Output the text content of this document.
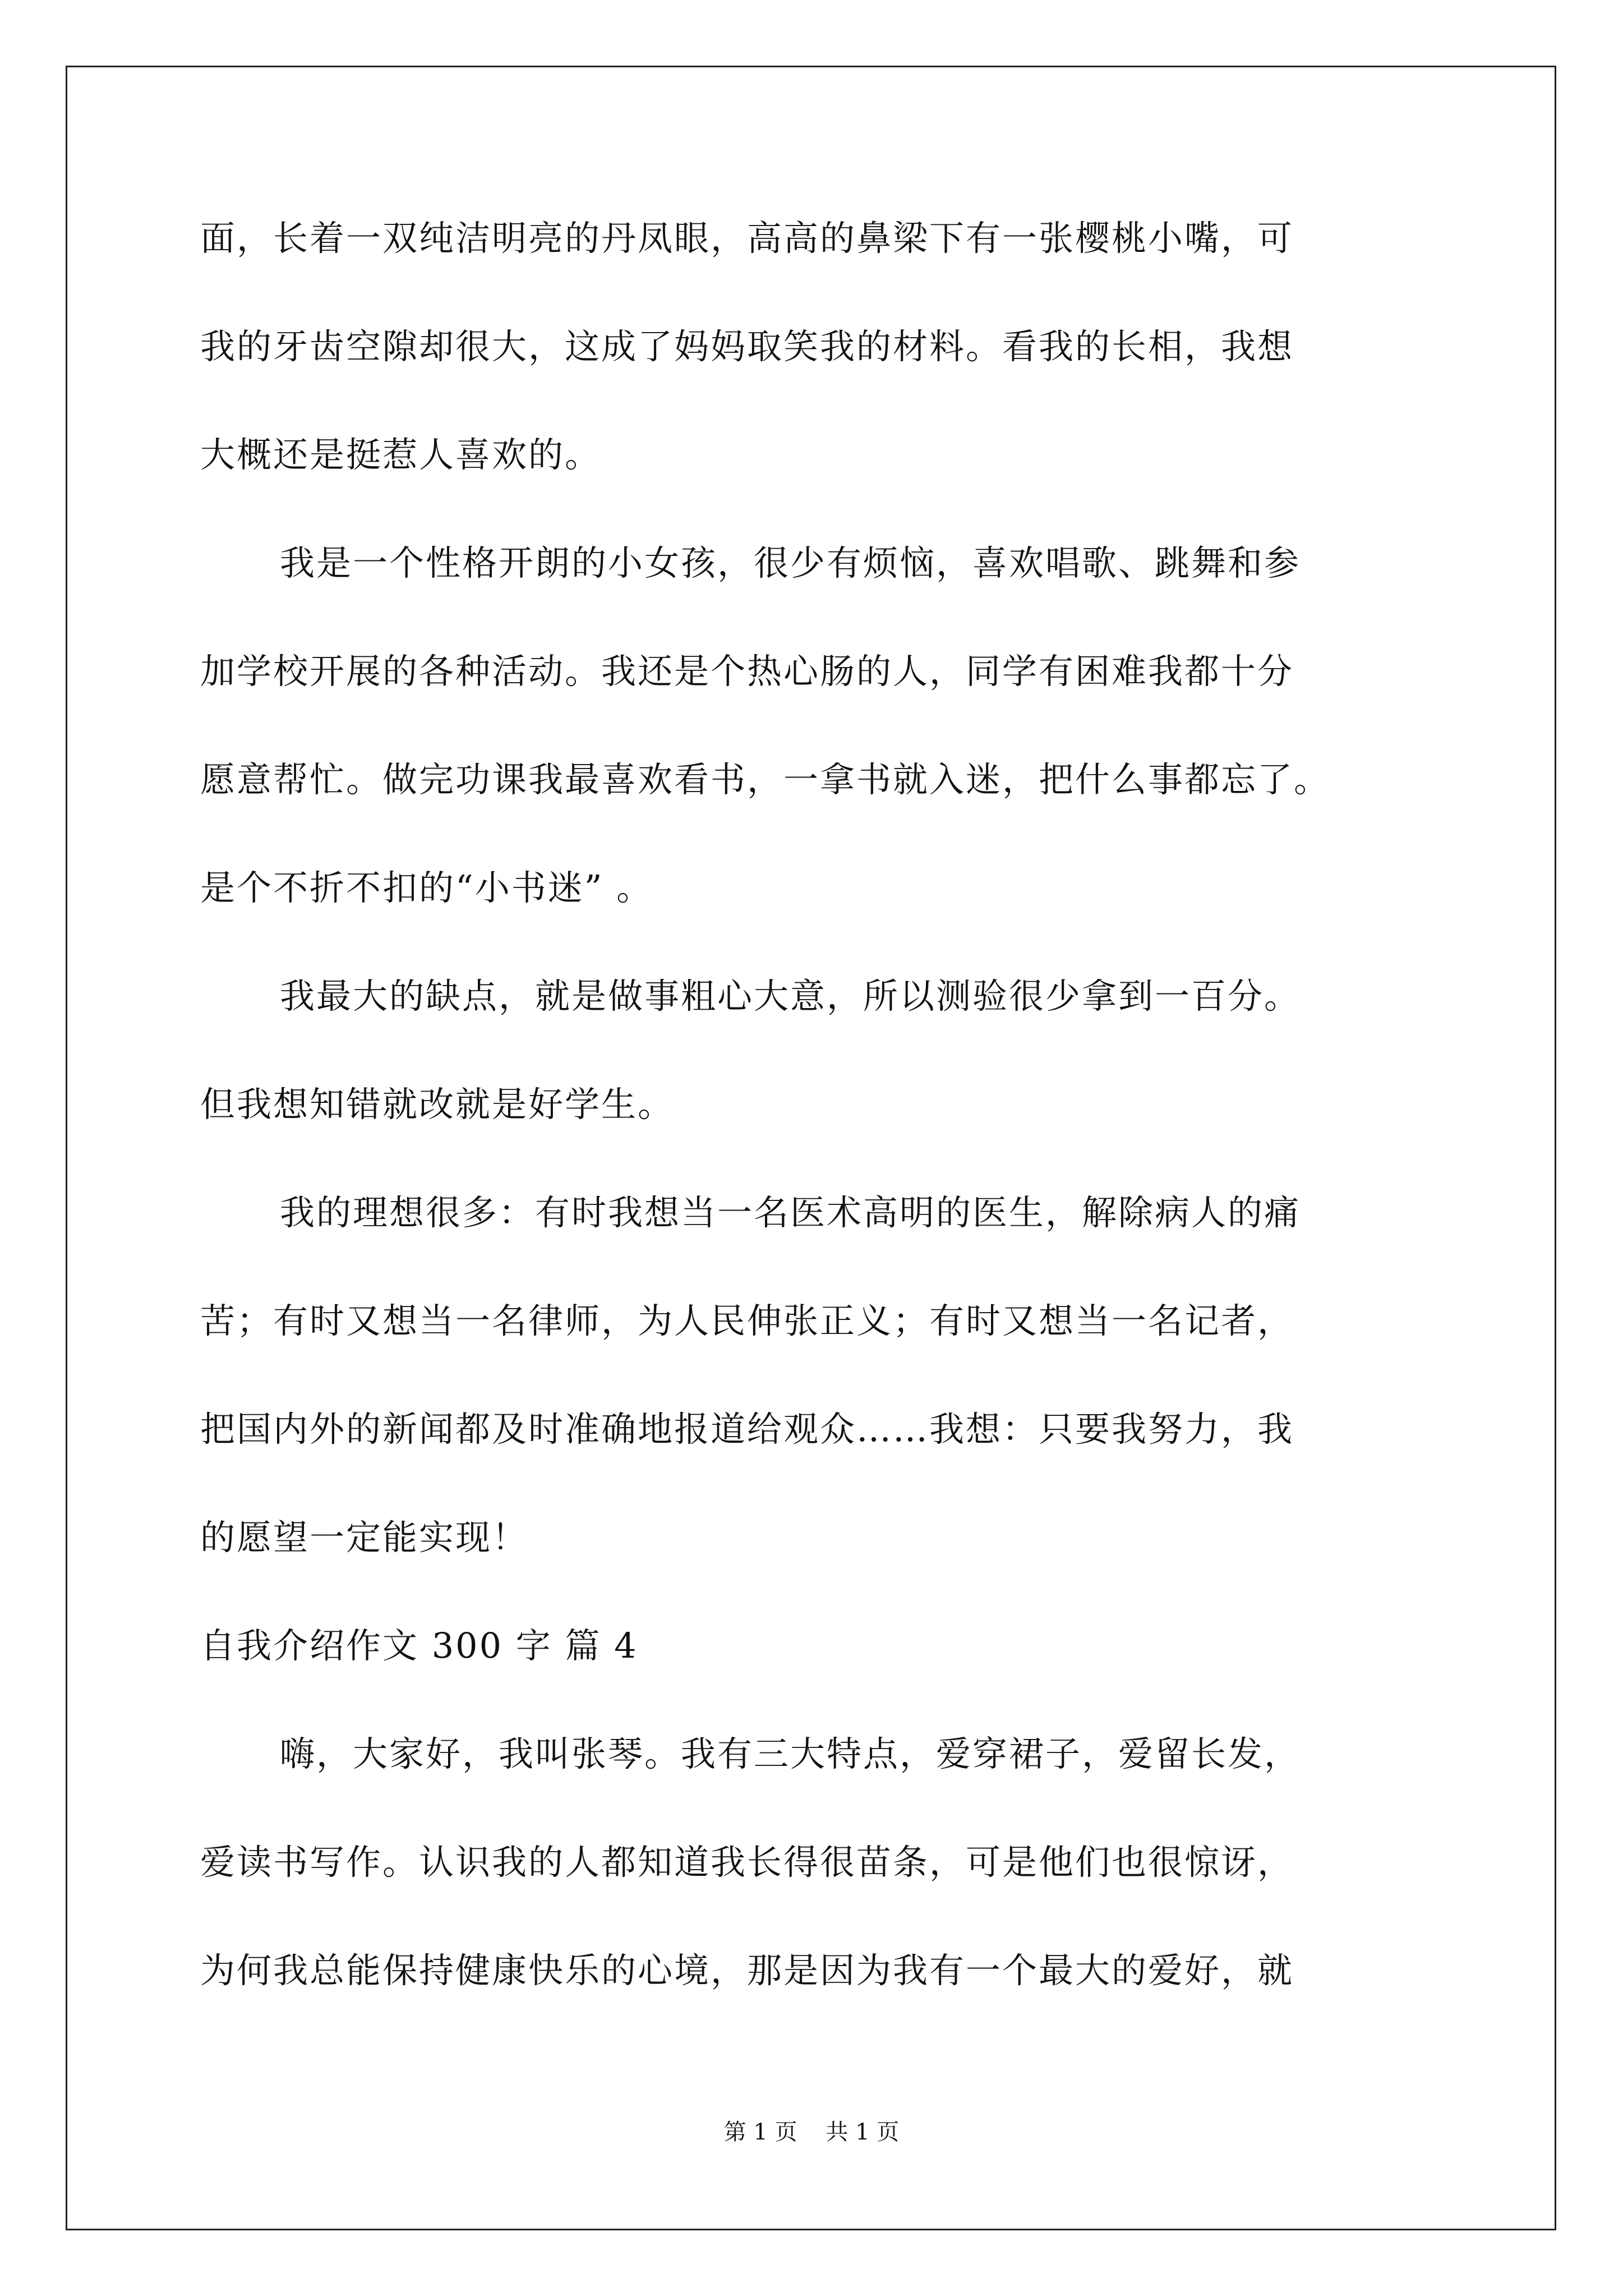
面，长着一双纯洁明亮的丹凤眼，高高的鼻梁下有一张樱桃小嘴，可
我的牙齿空隙却很大，这成了妈妈取笑我的材料。看我的长相，我想
大概还是挺惹人喜欢的。
我是一个性格开朗的小女孩，很少有烦恼，喜欢唱歌、跳舞和参
加学校开展的各种活动。我还是个热心肠的人，同学有困难我都十分
愿意帮忙。做完功课我最喜欢看书，一拿书就入迷，把什么事都忘了。
是个不折不扣的“小书迷” 。
我最大的缺点，就是做事粗心大意，所以测验很少拿到一百分。
但我想知错就改就是好学生。
我的理想很多：有时我想当一名医术高明的医生，解除病人的痛
苦；有时又想当一名律师，为人民伸张正义；有时又想当一名记者，
把国内外的新闻都及时准确地报道给观众……我想：只要我努力，我
的愿望一定能实现！
自我介绍作文 300 字 篇 4
嗨，大家好，我叫张琴。我有三大特点，爱穿裙子，爱留长发，
爱读书写作。认识我的人都知道我长得很苗条，可是他们也很惊讶，
为何我总能保持健康快乐的心境，那是因为我有一个最大的爱好，就
第 1 页    共 1 页
